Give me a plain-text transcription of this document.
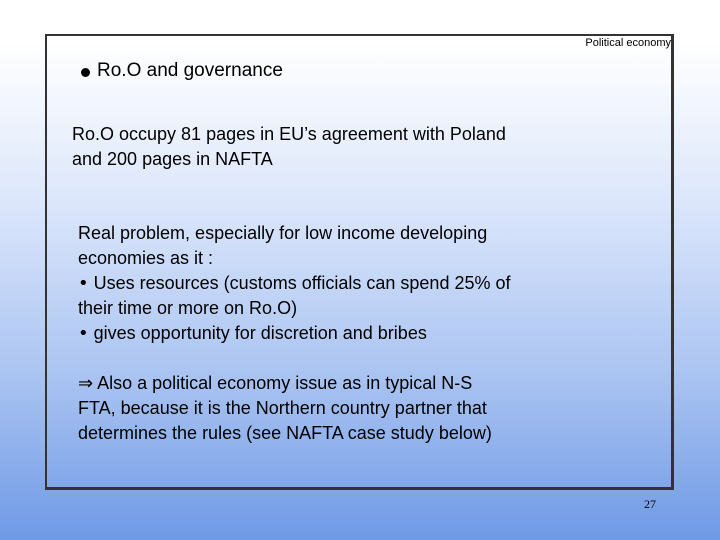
Political economy
Ro.O and governance
Ro.O occupy 81 pages in EU’s agreement with Poland
and 200 pages in NAFTA
Real problem, especially for low income developing
economies as it :
• Uses resources (customs officials can spend 25% of
their time or more on Ro.O)
• gives opportunity for discretion and bribes
⇒ Also a political economy issue as in typical N-S
FTA, because it is the Northern country partner that
determines the rules (see NAFTA case study below)
27
